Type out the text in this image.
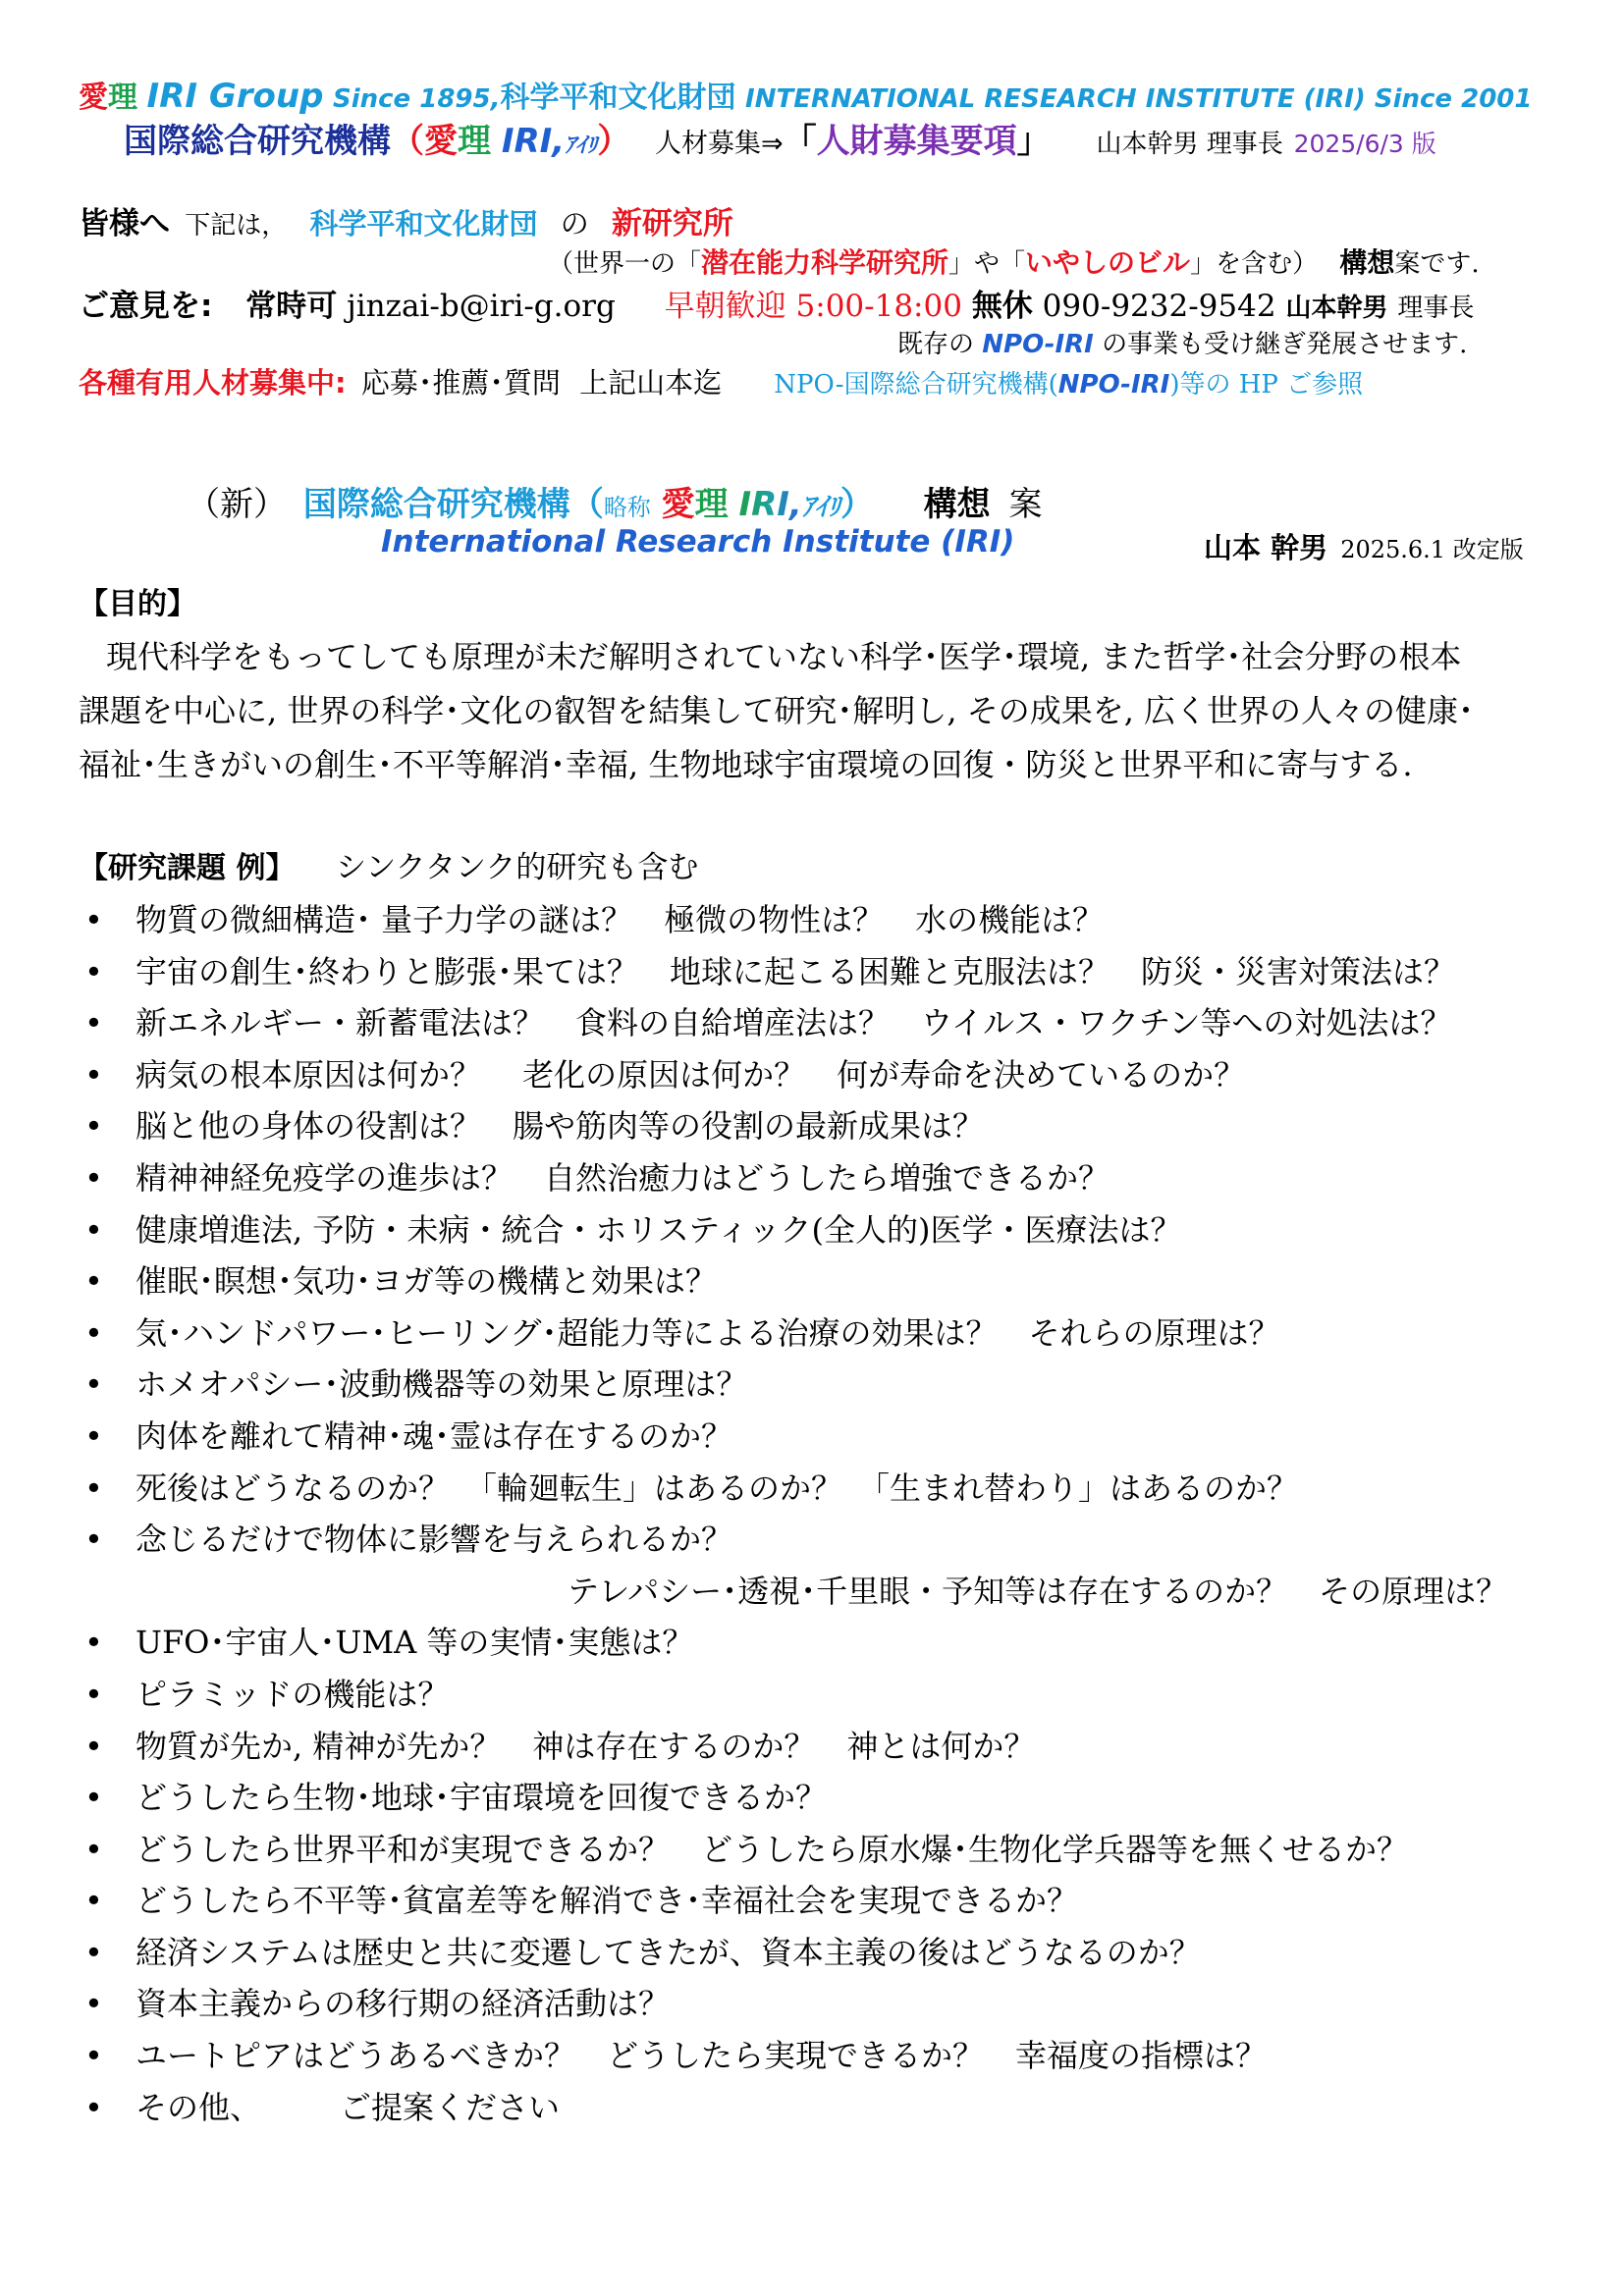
愛理 IRI Group Since 1895,科学平和文化財団 INTERNATIONAL RESEARCH INSTITUTE (IRI) Since 2001
国際総合研究機構（愛理 IRI,ｱｲﾘ） 人材募集⇒「人財募集要項」 山本幹男 理事長 2025/6/3 版
皆様へ 下記は， 科学平和文化財団 の 新研究所
（世界一の「潜在能力科学研究所」や「いやしのビル」を含む） 構想案です.
ご意見を: 常時可 jinzai-b@iri-g.org 早朝歓迎 5:00-18:00 無休 090-9232-9542 山本幹男 理事長
既存の NPO-IRI の事業も受け継ぎ発展させます.
各種有用人材募集中: 応募･推薦･質問 上記山本迄 NPO-国際総合研究機構(NPO-IRI)等の HP ご参照
（新） 国際総合研究機構（略称 愛理 IRI,ｱｲﾘ） 構想 案
International Research Institute (IRI)	山本 幹男 2025.6.1 改定版
【目的】
現代科学をもってしても原理が未だ解明されていない科学･医学･環境, また哲学･社会分野の根本
課題を中心に, 世界の科学･文化の叡智を結集して研究･解明し, その成果を, 広く世界の人々の健康･
福祉･生きがいの創生･不平等解消･幸福, 生物地球宇宙環境の回復・防災と世界平和に寄与する.
【研究課題 例】 シンクタンク的研究も含む
• 物質の微細構造･ 量子力学の謎は？　極微の物性は？　水の機能は？
• 宇宙の創生･終わりと膨張･果ては？　地球に起こる困難と克服法は？　防災・災害対策法は？
• 新エネルギー・新蓄電法は？　食料の自給増産法は？　ウイルス・ワクチン等への対処法は？
• 病気の根本原因は何か？　 老化の原因は何か？　何が寿命を決めているのか？
• 脳と他の身体の役割は？　腸や筋肉等の役割の最新成果は？
• 精神神経免疫学の進歩は？　自然治癒力はどうしたら増強できるか？
• 健康増進法, 予防・未病・統合・ホリスティック(全人的)医学・医療法は？
• 催眠･瞑想･気功･ヨガ等の機構と効果は？
• 気･ハンドパワー･ヒーリング･超能力等による治療の効果は？　それらの原理は？
• ホメオパシー･波動機器等の効果と原理は？
• 肉体を離れて精神･魂･霊は存在するのか？
• 死後はどうなるのか？　「輪廻転生」はあるのか？　「生まれ替わり」はあるのか？
• 念じるだけで物体に影響を与えられるか？
テレパシー･透視･千里眼・予知等は存在するのか？　その原理は？
• UFO･宇宙人･UMA 等の実情･実態は？
• ピラミッドの機能は？
• 物質が先か, 精神が先か？　神は存在するのか？　神とは何か？
• どうしたら生物･地球･宇宙環境を回復できるか？
• どうしたら世界平和が実現できるか？　どうしたら原水爆･生物化学兵器等を無くせるか？
• どうしたら不平等･貧富差等を解消でき･幸福社会を実現できるか？
• 経済システムは歴史と共に変遷してきたが、資本主義の後はどうなるのか？
• 資本主義からの移行期の経済活動は？
• ユートピアはどうあるべきか？　どうしたら実現できるか？　幸福度の指標は？
• その他、　　　ご提案ください
